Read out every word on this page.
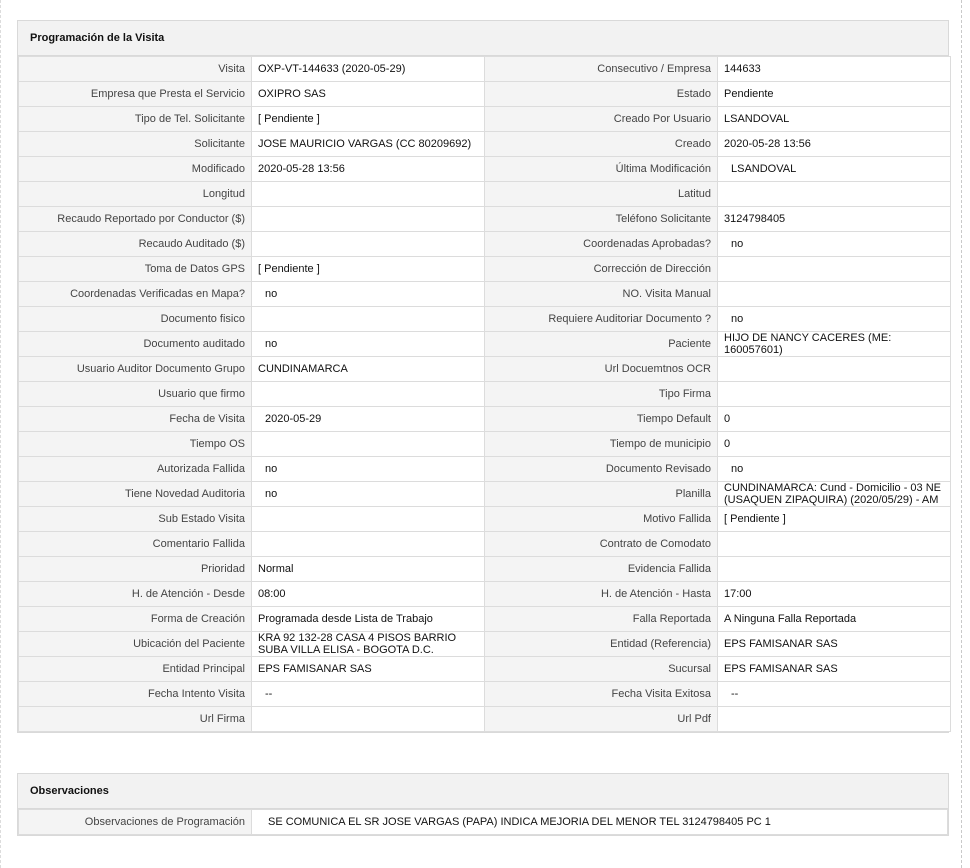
Programación de la Visita
Visita	OXP-VT-144633 (2020-05-29)	Consecutivo / Empresa	144633
Empresa que Presta el Servicio	OXIPRO SAS	Estado	Pendiente
Tipo de Tel. Solicitante	[ Pendiente ]	Creado Por Usuario	LSANDOVAL
Solicitante	JOSE MAURICIO VARGAS (CC 80209692)	Creado	2020-05-28 13:56
Modificado	2020-05-28 13:56	Última Modificación	LSANDOVAL
Longitud		Latitud	
Recaudo Reportado por Conductor ($)		Teléfono Solicitante	3124798405
Recaudo Auditado ($)		Coordenadas Aprobadas?	no
Toma de Datos GPS	[ Pendiente ]	Corrección de Dirección	
Coordenadas Verificadas en Mapa?	no	NO. Visita Manual	
Documento fisico		Requiere Auditoriar Documento ?	no
Documento auditado	no	Paciente	HIJO DE NANCY CACERES (ME: 160057601)
Usuario Auditor Documento Grupo	CUNDINAMARCA	Url Docuemtnos OCR	
Usuario que firmo		Tipo Firma	
Fecha de Visita	2020-05-29	Tiempo Default	0
Tiempo OS		Tiempo de municipio	0
Autorizada Fallida	no	Documento Revisado	no
Tiene Novedad Auditoria	no	Planilla	CUNDINAMARCA: Cund - Domicilio - 03 NE (USAQUEN ZIPAQUIRA) (2020/05/29) - AM
Sub Estado Visita		Motivo Fallida	[ Pendiente ]
Comentario Fallida		Contrato de Comodato	
Prioridad	Normal	Evidencia Fallida	
H. de Atención - Desde	08:00	H. de Atención - Hasta	17:00
Forma de Creación	Programada desde Lista de Trabajo	Falla Reportada	A Ninguna Falla Reportada
Ubicación del Paciente	KRA 92 132-28 CASA 4 PISOS BARRIO SUBA VILLA ELISA - BOGOTA D.C.	Entidad (Referencia)	EPS FAMISANAR SAS
Entidad Principal	EPS FAMISANAR SAS	Sucursal	EPS FAMISANAR SAS
Fecha Intento Visita	--	Fecha Visita Exitosa	--
Url Firma		Url Pdf	
Observaciones
Observaciones de Programación	SE COMUNICA EL SR JOSE VARGAS (PAPA) INDICA MEJORIA DEL MENOR TEL 3124798405 PC 1
